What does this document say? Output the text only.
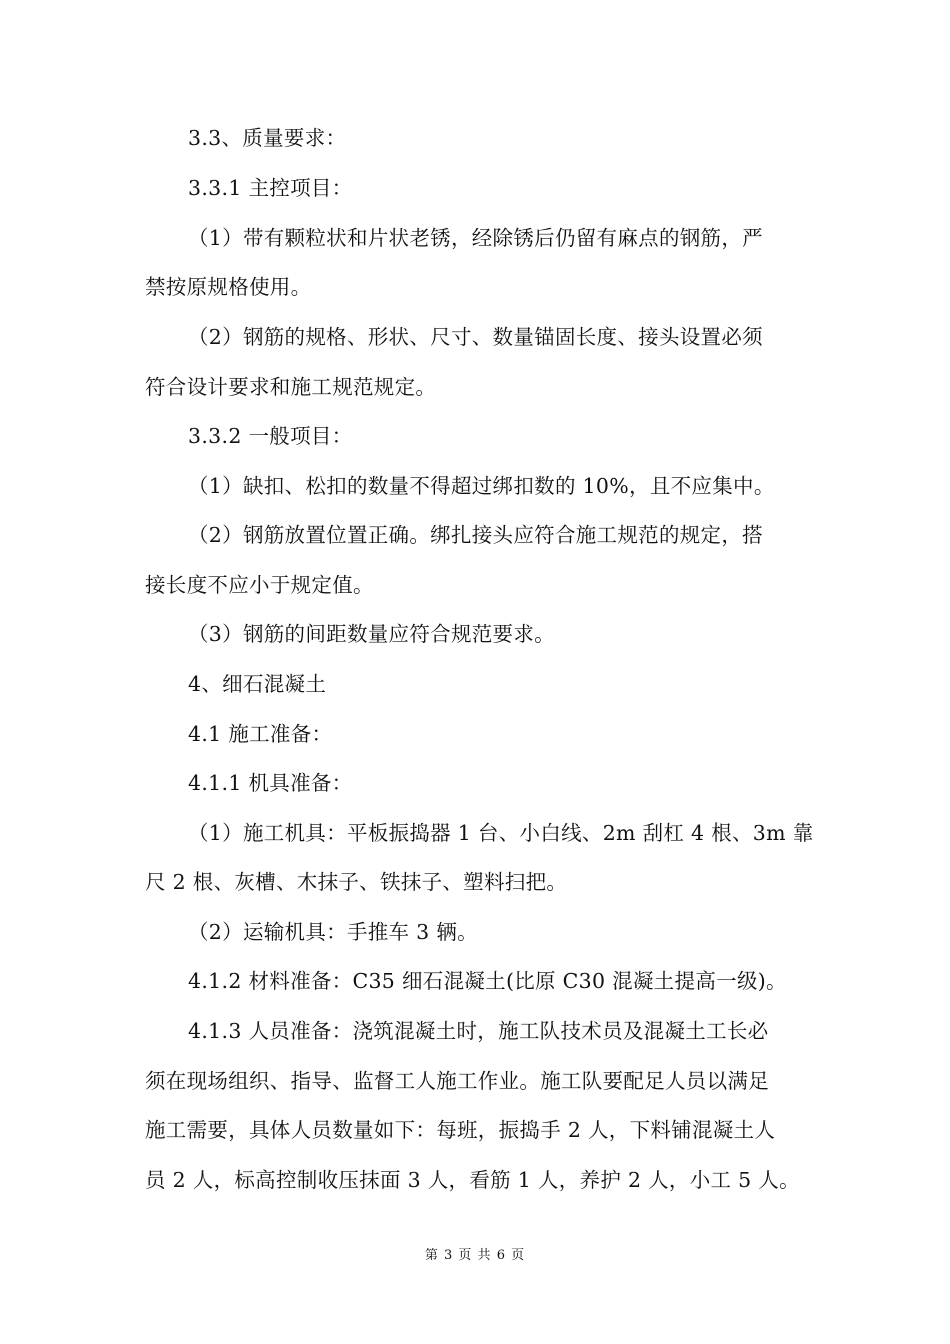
3.3、质量要求：
3.3.1 主控项目：
（1）带有颗粒状和片状老锈，经除锈后仍留有麻点的钢筋，严
禁按原规格使用。
（2）钢筋的规格、形状、尺寸、数量锚固长度、接头设置必须
符合设计要求和施工规范规定。
3.3.2 一般项目：
（1）缺扣、松扣的数量不得超过绑扣数的 10%，且不应集中。
（2）钢筋放置位置正确。绑扎接头应符合施工规范的规定，搭
接长度不应小于规定值。
（3）钢筋的间距数量应符合规范要求。
4、细石混凝土
4.1 施工准备：
4.1.1 机具准备：
（1）施工机具：平板振捣器 1 台、小白线、2m 刮杠 4 根、3m 靠
尺 2 根、灰槽、木抹子、铁抹子、塑料扫把。
（2）运输机具：手推车 3 辆。
4.1.2 材料准备：C35 细石混凝土(比原 C30 混凝土提高一级)。
4.1.3 人员准备：浇筑混凝土时，施工队技术员及混凝土工长必
须在现场组织、指导、监督工人施工作业。施工队要配足人员以满足
施工需要，具体人员数量如下：每班，振捣手 2 人，下料铺混凝土人
员 2 人，标高控制收压抹面 3 人，看筋 1 人，养护 2 人，小工 5 人。
第 3 页 共 6 页
